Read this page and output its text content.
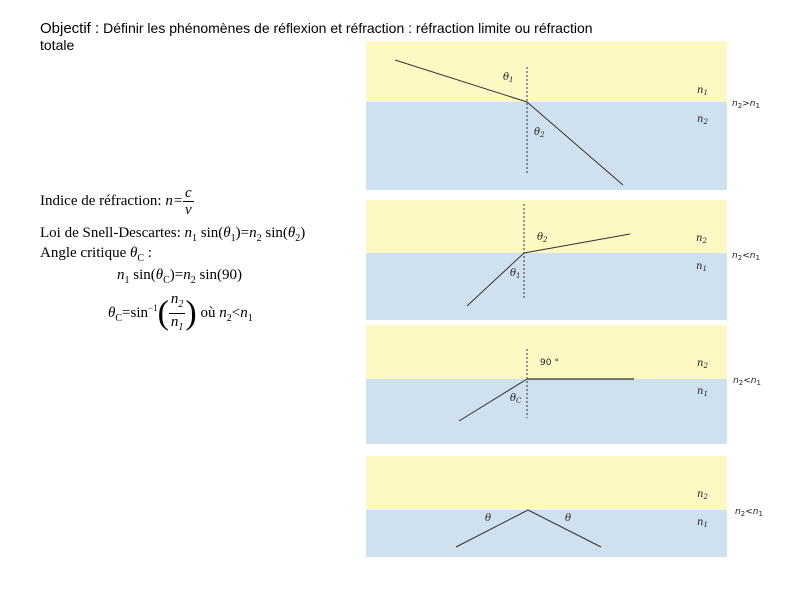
Objectif : Définir les phénomènes de réflexion et réfraction : réfraction limite ou réfraction totale
Indice de réfraction: $n= \frac{c}{v}$
Loi de Snell-Descartes: $n_1$ $\sin(\theta_1)=n_2$ $\sin(\theta_2)$
Angle critique $\theta_C$ :
$n_1$ $\sin(\theta_C)=n_2$ sin(90)
$\theta_C=\sin^{-1}( \frac{n_2}{n_1}$ ) où $n_2<n_1$
$\theta_1$
$\theta_2$
$n_1$
$n_2$
$n_2>n_1$
$\theta_2$
$\theta_1$
$n_2$
$n_1$
$n_2<n_1$
90 °
$\theta_C$
$n_2$
$n_1$
$n_2<n_1$
θ	θ
$n_2$
$n_1$
$n_2<n_1$
